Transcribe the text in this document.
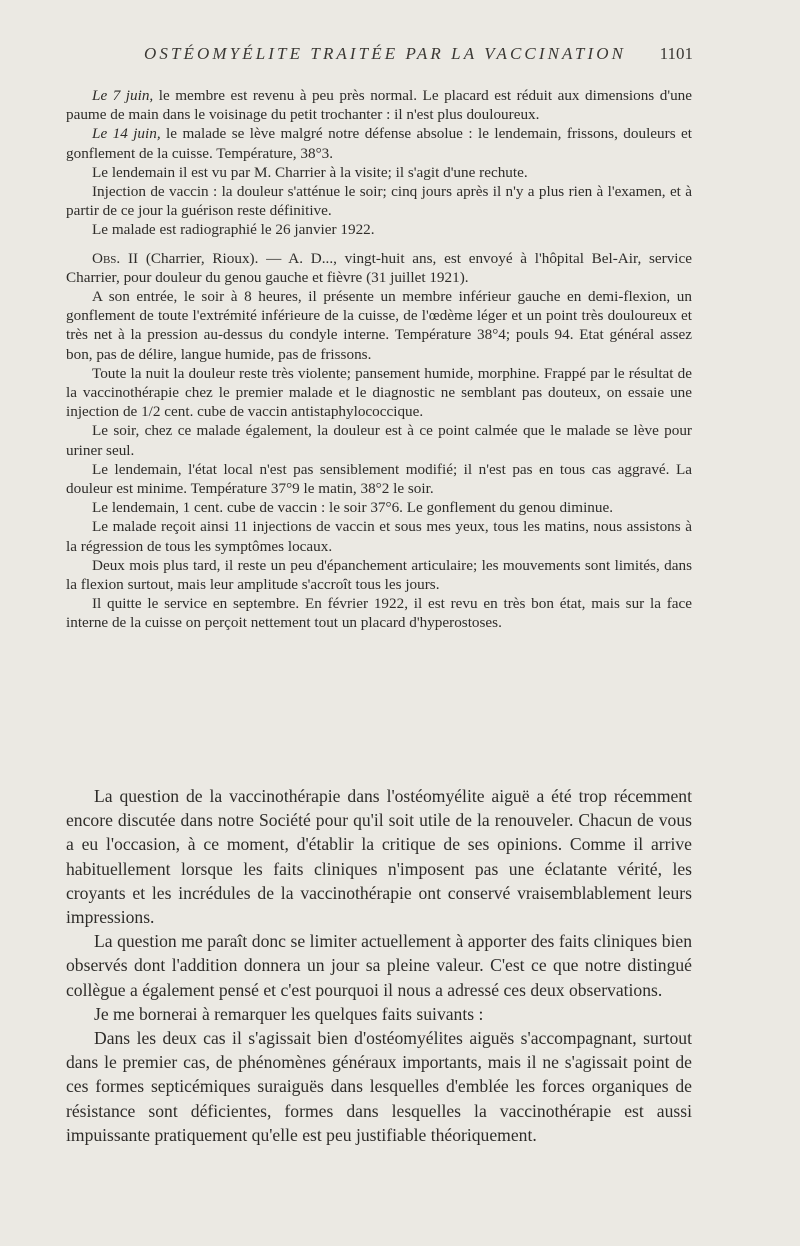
OSTÉOMYÉLITE TRAITÉE PAR LA VACCINATION 1101

Le 7 juin, le membre est revenu à peu près normal. Le placard est réduit aux dimensions d'une paume de main dans le voisinage du petit trochanter : il n'est plus douloureux.

Le 14 juin, le malade se lève malgré notre défense absolue : le lendemain, frissons, douleurs et gonflement de la cuisse. Température, 38°3.

Le lendemain il est vu par M. Charrier à la visite; il s'agit d'une rechute.

Injection de vaccin : la douleur s'atténue le soir; cinq jours après il n'y a plus rien à l'examen, et à partir de ce jour la guérison reste définitive.

Le malade est radiographié le 26 janvier 1922.

Obs. II (Charrier, Rioux). — A. D..., vingt-huit ans, est envoyé à l'hôpital Bel-Air, service Charrier, pour douleur du genou gauche et fièvre (31 juillet 1921).

A son entrée, le soir à 8 heures, il présente un membre inférieur gauche en demi-flexion, un gonflement de toute l'extrémité inférieure de la cuisse, de l'œdème léger et un point très douloureux et très net à la pression au-dessus du condyle interne. Température 38°4; pouls 94. Etat général assez bon, pas de délire, langue humide, pas de frissons.

Toute la nuit la douleur reste très violente; pansement humide, morphine. Frappé par le résultat de la vaccinothérapie chez le premier malade et le diagnostic ne semblant pas douteux, on essaie une injection de 1/2 cent. cube de vaccin antistaphylococcique.

Le soir, chez ce malade également, la douleur est à ce point calmée que le malade se lève pour uriner seul.

Le lendemain, l'état local n'est pas sensiblement modifié; il n'est pas en tous cas aggravé. La douleur est minime. Température 37°9 le matin, 38°2 le soir.

Le lendemain, 1 cent. cube de vaccin : le soir 37°6. Le gonflement du genou diminue.

Le malade reçoit ainsi 11 injections de vaccin et sous mes yeux, tous les matins, nous assistons à la régression de tous les symptômes locaux.

Deux mois plus tard, il reste un peu d'épanchement articulaire; les mouvements sont limités, dans la flexion surtout, mais leur amplitude s'accroît tous les jours.

Il quitte le service en septembre. En février 1922, il est revu en très bon état, mais sur la face interne de la cuisse on perçoit nettement tout un placard d'hyperostoses.

La question de la vaccinothérapie dans l'ostéomyélite aiguë a été trop récemment encore discutée dans notre Société pour qu'il soit utile de la renouveler. Chacun de vous a eu l'occasion, à ce moment, d'établir la critique de ses opinions. Comme il arrive habituellement lorsque les faits cliniques n'imposent pas une éclatante vérité, les croyants et les incrédules de la vaccinothérapie ont conservé vraisemblablement leurs impressions.

La question me paraît donc se limiter actuellement à apporter des faits cliniques bien observés dont l'addition donnera un jour sa pleine valeur. C'est ce que notre distingué collègue a également pensé et c'est pourquoi il nous a adressé ces deux observations.

Je me bornerai à remarquer les quelques faits suivants :

Dans les deux cas il s'agissait bien d'ostéomyélites aiguës s'accompagnant, surtout dans le premier cas, de phénomènes généraux importants, mais il ne s'agissait point de ces formes septicémiques suraiguës dans lesquelles d'emblée les forces organiques de résistance sont déficientes, formes dans lesquelles la vaccinothérapie est aussi impuissante pratiquement qu'elle est peu justifiable théoriquement.
